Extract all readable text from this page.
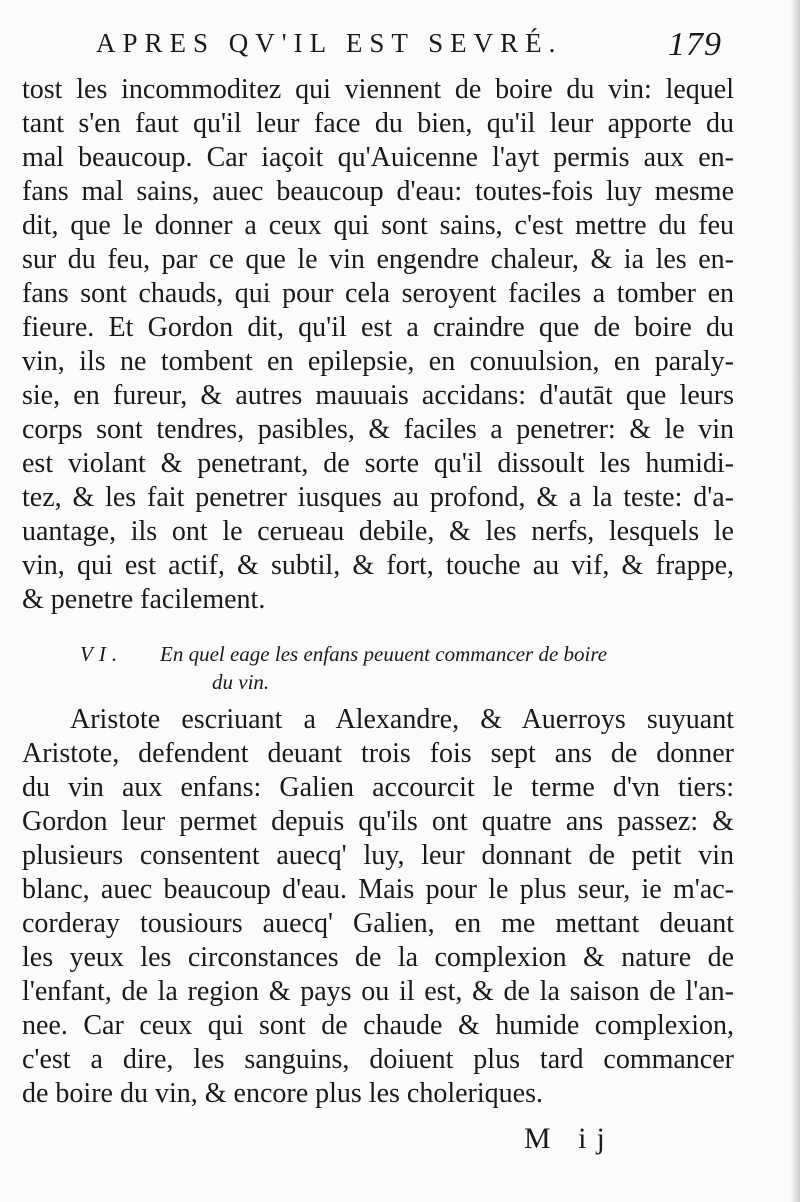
APRES QV'IL EST SEVRÉ.	179
tost les incommoditez qui viennent de boire du vin: lequel
tant s'en faut qu'il leur face du bien, qu'il leur apporte du
mal beaucoup. Car iaçoit qu'Auicenne l'ayt permis aux en-
fans mal sains, auec beaucoup d'eau: toutes-fois luy mesme
dit, que le donner a ceux qui sont sains, c'est mettre du feu
sur du feu, par ce que le vin engendre chaleur, & ia les en-
fans sont chauds, qui pour cela seroyent faciles a tomber en
fieure. Et Gordon dit, qu'il est a craindre que de boire du
vin, ils ne tombent en epilepsie, en conuulsion, en paraly-
sie, en fureur, & autres mauuais accidans: d'autāt que leurs
corps sont tendres, pasibles, & faciles a penetrer: & le vin
est violant & penetrant, de sorte qu'il dissoult les humidi-
tez, & les fait penetrer iusques au profond, & a la teste: d'a-
uantage, ils ont le cerueau debile, & les nerfs, lesquels le
vin, qui est actif, & subtil, & fort, touche au vif, & frappe,
& penetre facilement.
VI. En quel eage les enfans peuuent commancer de boire
du vin.
Aristote escriuant a Alexandre, & Auerroys suyuant
Aristote, defendent deuant trois fois sept ans de donner
du vin aux enfans: Galien accourcit le terme d'vn tiers:
Gordon leur permet depuis qu'ils ont quatre ans passez: &
plusieurs consentent auecq' luy, leur donnant de petit vin
blanc, auec beaucoup d'eau. Mais pour le plus seur, ie m'ac-
corderay tousiours auecq' Galien, en me mettant deuant
les yeux les circonstances de la complexion & nature de
l'enfant, de la region & pays ou il est, & de la saison de l'an-
nee. Car ceux qui sont de chaude & humide complexion,
c'est a dire, les sanguins, doiuent plus tard commancer
de boire du vin, & encore plus les choleriques.
M ij
